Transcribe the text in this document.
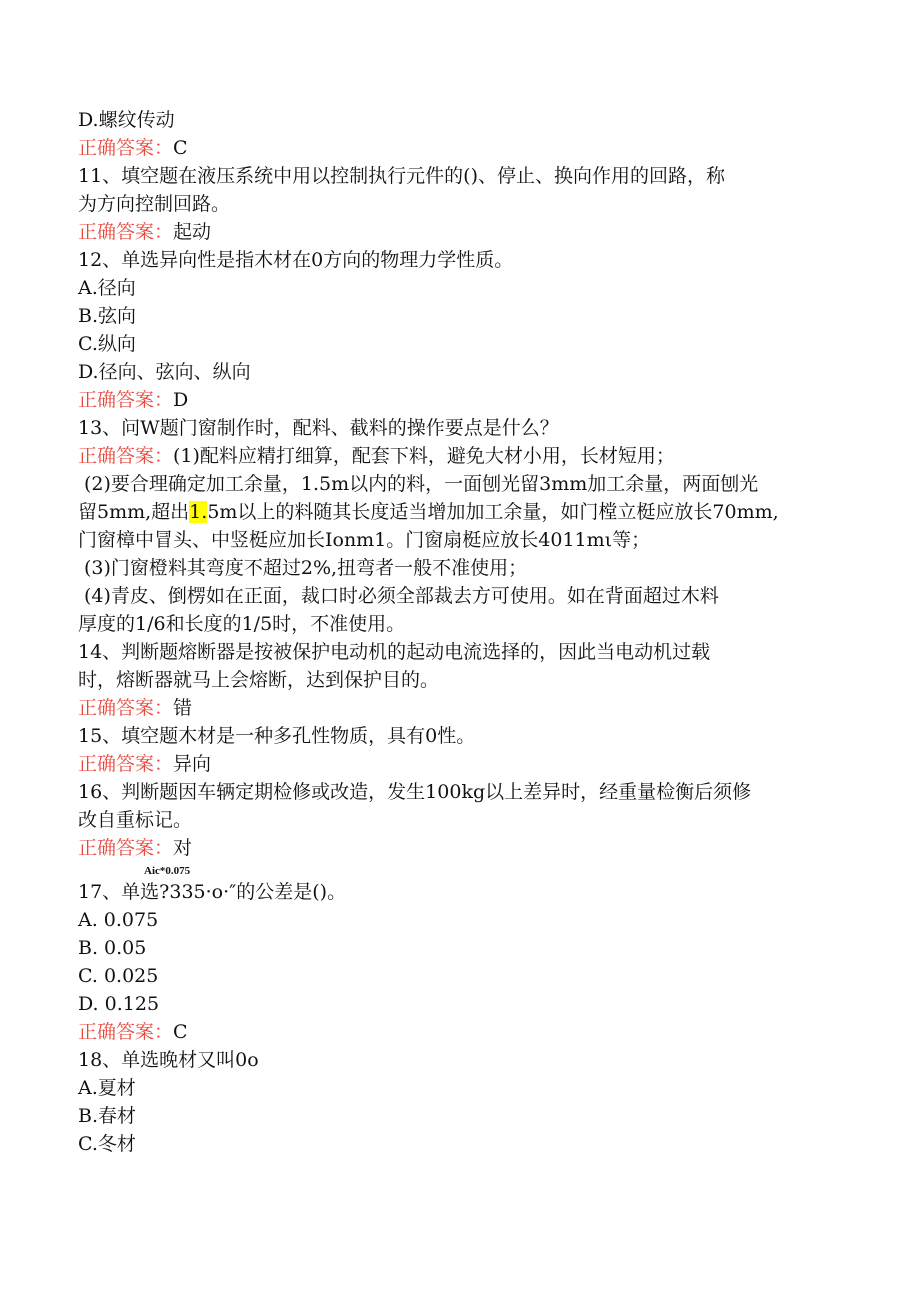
D.螺纹传动
正确答案：C
11、填空题在液压系统中用以控制执行元件的()、停止、换向作用的回路，称
为方向控制回路。
正确答案：起动
12、单选异向性是指木材在0方向的物理力学性质。
A.径向
B.弦向
C.纵向
D.径向、弦向、纵向
正确答案：D
13、问W题门窗制作时，配料、截料的操作要点是什么？
正确答案：(1)配料应精打细算，配套下料，避免大材小用，长材短用；
(2)要合理确定加工余量，1.5m以内的料，一面刨光留3mm加工余量，两面刨光
留5mm,超出1.5m以上的料随其长度适当增加加工余量，如门樘立梃应放长70mm,
门窗樟中冒头、中竖梃应加长Ionm1。门窗扇梃应放长4011mι等；
(3)门窗橙料其弯度不超过2%,扭弯者一般不准使用；
(4)青皮、倒楞如在正面，裁口时必须全部裁去方可使用。如在背面超过木料
厚度的1/6和长度的1/5时，不准使用。
14、判断题熔断器是按被保护电动机的起动电流选择的，因此当电动机过载
时，熔断器就马上会熔断，达到保护目的。
正确答案：错
15、填空题木材是一种多孔性物质，具有0性。
正确答案：异向
16、判断题因车辆定期检修或改造，发生100kg以上差异时，经重量检衡后须修
改自重标记。
正确答案：对
Aic*0.075
17、单选?335·o·″的公差是()。
A. 0.075
B. 0.05
C. 0.025
D. 0.125
正确答案：C
18、单选晚材又叫0o
A.夏材
B.春材
C.冬材
